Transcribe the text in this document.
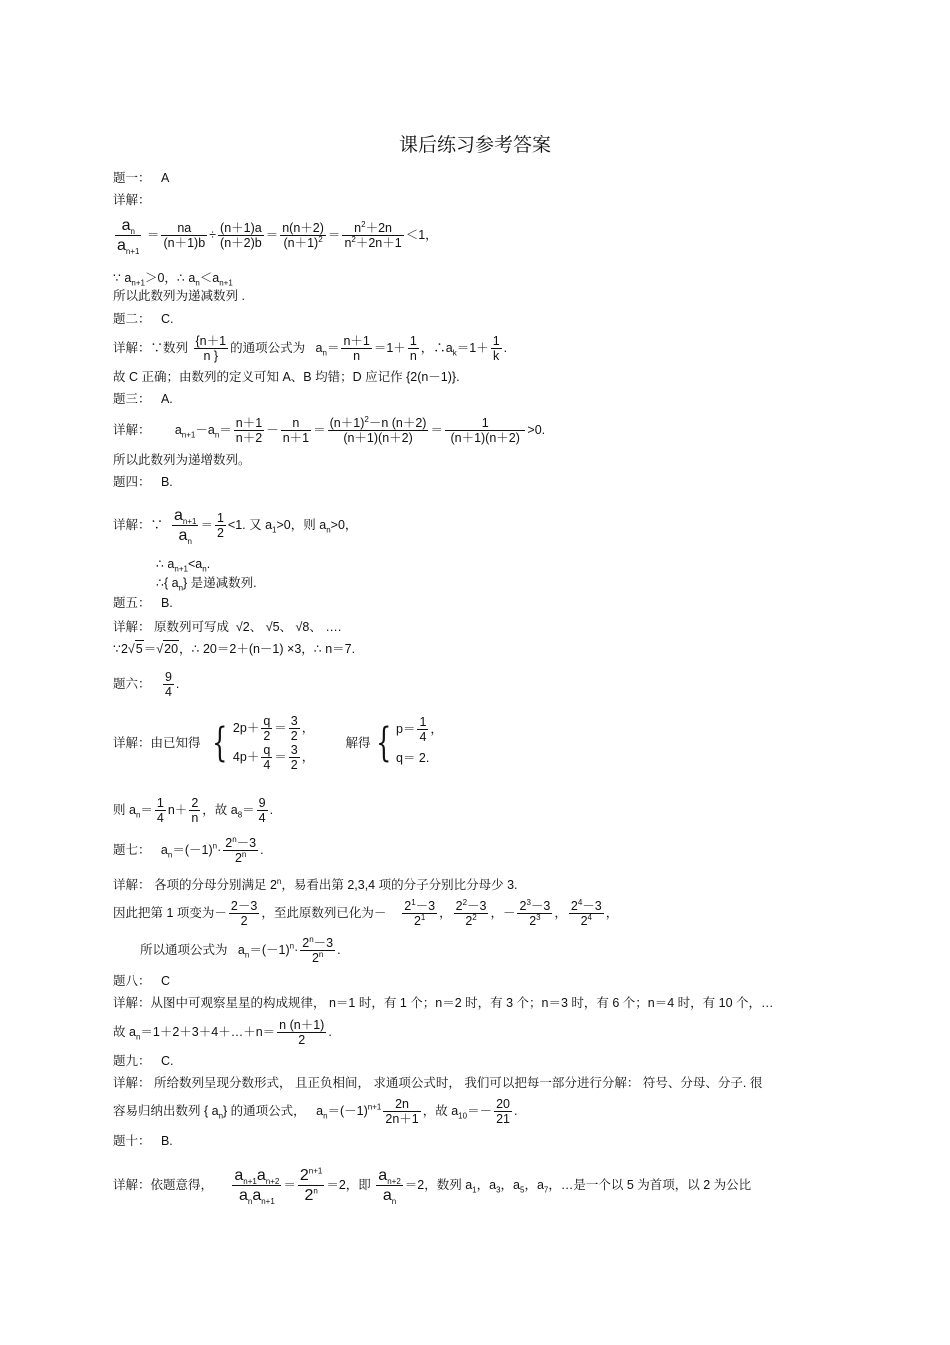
课后练习参考答案
题一： A
详解：
$\frac{a_n}{a_{n+1}} = \frac{na}{(n+1)b} \div \frac{(n+1)a}{(n+2)b} = \frac{n(n+2)}{(n+1)^2} = \frac{n^2+2n}{n^2+2n+1} <1$，
∵ $a_{n+1}>0$，∴ $a_n<a_{n+1}$
所以此数列为递减数列 .
题二： C.
详解：∵数列 $\frac{\{n+1}{n \}}$ 的通项公式为   $a_n= \frac{n+1}{n} =1+ \frac{1}{n}$ ，$\therefore a_k=1+ \frac{1}{k}$ .
故 C 正确；由数列的定义可知 A、B 均错；D 应记作 {2(n－1)}.
题三： A.
详解：       $a_{n+1}-a_n= \frac{n+1}{n+2} - \frac{n}{n+1} = \frac{(n+1)^2-n (n+2)}{(n+1)(n+2)} = \frac{1}{(n+1)(n+2)} >0$.
所以此数列为递增数列。
题四： B.
详解：∵ $\frac{a_{n+1}}{a_n} = \frac{1}{2} <1$. 又 $a_1>0$，则 $a_n>0$，
∴ $a_{n+1}<a_n$.
∴{ $a_n$} 是递减数列.
题五： B.
详解： 原数列可写成  √2、 √5、 √8、 ….
∵2√5＝√20，∴ 20＝2＋(n－1) ×3，∴ n＝7.
题六： $\frac{9}{4}$ .
详解：由已知得 { $2p+ \frac{q}{2} = \frac{3}{2}$ ，
$4p+ \frac{q}{4} = \frac{3}{2}$ ，         解得 { $p= \frac{1}{4}$ ，
q＝ 2.
则 $a_n= \frac{1}{4} n+ \frac{2}{n}$ ，故 $a_8= \frac{9}{4}$ .
题七：   $a_n=(-1)^n\cdot \frac{2^n-3}{2^n}$ .
详解： 各项的分母分别满足 2$^n$，易看出第 2,3,4 项的分子分别比分母少 3.
因此把第 1 项变为－ $\frac{2-3}{2}$ ，至此原数列已化为－ $\frac{2^1-3}{2^1}$ ， $\frac{2^2-3}{2^2}$ ，－ $\frac{2^3-3}{2^3}$ ， $\frac{2^4-3}{2^4}$ ，
所以通项公式为   $a_n=(-1)^n\cdot \frac{2^n-3}{2^n}$ .
题八： C
详解：从图中可观察星星的构成规律， n＝1 时，有 1 个；n＝2 时，有 3 个；n＝3 时，有 6 个；n＝4 时，有 10 个，…
故 $a_n=1+2+3+4+\dots+n= \frac{n (n+1)}{2}$ .
题九： C.
详解： 所给数列呈现分数形式， 且正负相间， 求通项公式时， 我们可以把每一部分进行分解： 符号、分母、分子. 很
容易归纳出数列 { $a_n$} 的通项公式，   $a_n=(-1)^{n+1} \frac{2n}{2n+1}$ ，故 $a_{10}=- \frac{20}{21}$ .
题十： B.
详解：依题意得， $\frac{a_{n+1}a_{n+2}}{a_na_{n+1}} = \frac{2^{n+1}}{2^n} =2$，即 $\frac{a_{n+2}}{a_n} =2$，数列 $a_1$，$a_3$，$a_5$，$a_7$，…是一个以 5 为首项，以 2 为公比
